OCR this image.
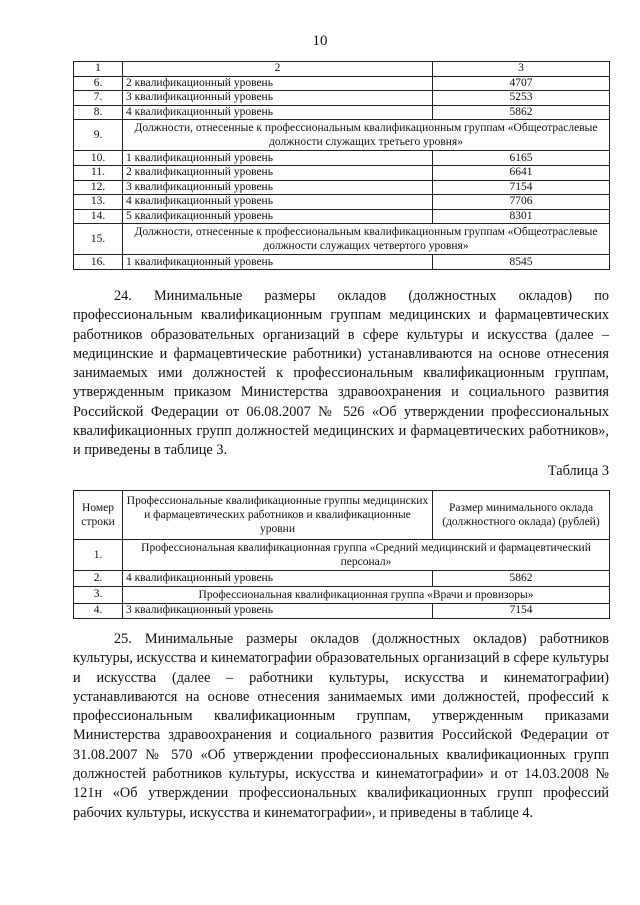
10
1	2	3
6.	2 квалификационный уровень	4707
7.	3 квалификационный уровень	5253
8.	4 квалификационный уровень	5862
9.	Должности, отнесенные к профессиональным квалификационным группам «Общеотраслевые должности служащих третьего уровня»	
10.	1 квалификационный уровень	6165
11.	2 квалификационный уровень	6641
12.	3 квалификационный уровень	7154
13.	4 квалификационный уровень	7706
14.	5 квалификационный уровень	8301
15.	Должности, отнесенные к профессиональным квалификационным группам «Общеотраслевые должности служащих четвертого уровня»	
16.	1 квалификационный уровень	8545

24. Минимальные размеры окладов (должностных окладов) по профессиональным квалификационным группам медицинских и фармацевтических работников образовательных организаций в сфере культуры и искусства (далее – медицинские и фармацевтические работники) устанавливаются на основе отнесения занимаемых ими должностей к профессиональным квалификационным группам, утвержденным приказом Министерства здравоохранения и социального развития Российской Федерации от 06.08.2007 № 526 «Об утверждении профессиональных квалификационных групп должностей медицинских и фармацевтических работников», и приведены в таблице 3.

Таблица 3
Номер строки	Профессиональные квалификационные группы медицинских и фармацевтических работников и квалификационные уровни	Размер минимального оклада (должностного оклада) (рублей)
1.	Профессиональная квалификационная группа «Средний медицинский и фармацевтический персонал»	
2.	4 квалификационный уровень	5862
3.	Профессиональная квалификационная группа «Врачи и провизоры»	
4.	3 квалификационный уровень	7154

25. Минимальные размеры окладов (должностных окладов) работников культуры, искусства и кинематографии образовательных организаций в сфере культуры и искусства (далее – работники культуры, искусства и кинематографии) устанавливаются на основе отнесения занимаемых ими должностей, профессий к профессиональным квалификационным группам, утвержденным приказами Министерства здравоохранения и социального развития Российской Федерации от 31.08.2007 № 570 «Об утверждении профессиональных квалификационных групп должностей работников культуры, искусства и кинематографии» и от 14.03.2008 № 121н «Об утверждении профессиональных квалификационных групп профессий рабочих культуры, искусства и кинематографии», и приведены в таблице 4.
